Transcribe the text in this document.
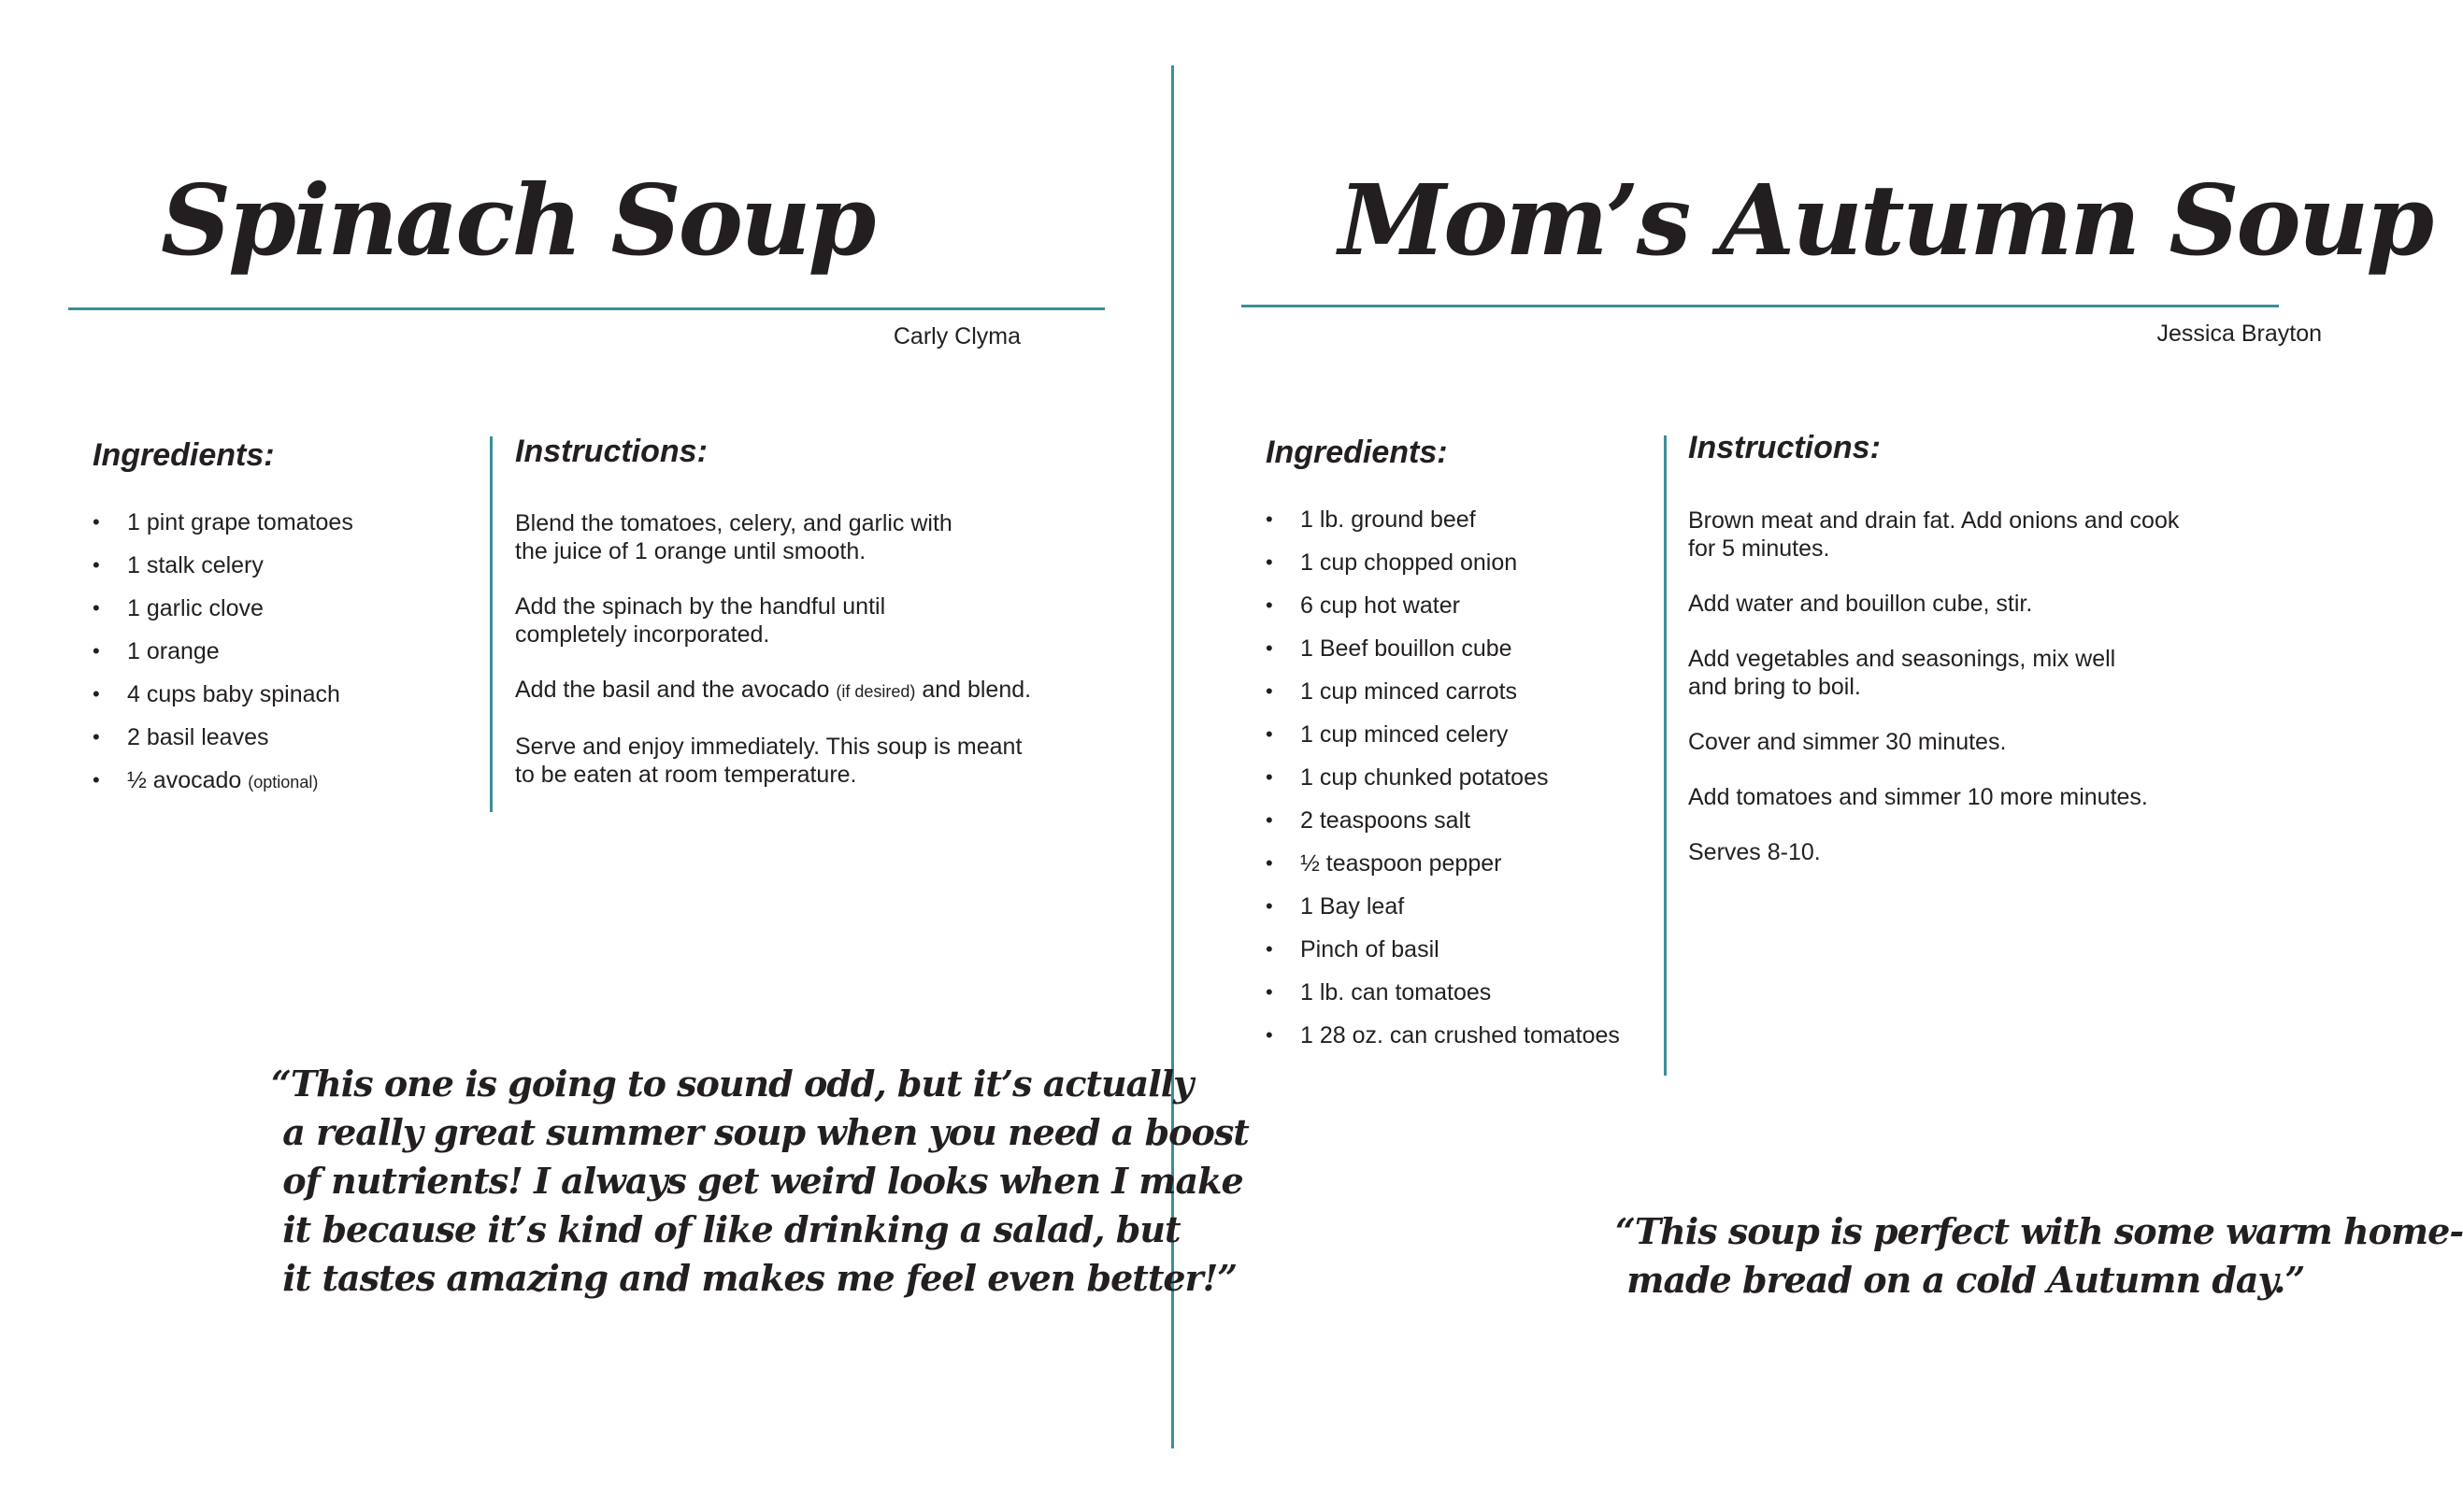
Spinach Soup
Carly Clyma
Ingredients:
• 1 pint grape tomatoes
• 1 stalk celery
• 1 garlic clove
• 1 orange
• 4 cups baby spinach
• 2 basil leaves
• ½ avocado (optional)
Instructions:

Blend the tomatoes, celery, and garlic with
the juice of 1 orange until smooth.

Add the spinach by the handful until
completely incorporated.

Add the basil and the avocado (if desired) and blend.

Serve and enjoy immediately. This soup is meant
to be eaten at room temperature.

“This one is going to sound odd, but it’s actually
a really great summer soup when you need a boost
of nutrients! I always get weird looks when I make
it because it’s kind of like drinking a salad, but
it tastes amazing and makes me feel even better!”

Mom’s Autumn Soup
Jessica Brayton
Ingredients:
• 1 lb. ground beef
• 1 cup chopped onion
• 6 cup hot water
• 1 Beef bouillon cube
• 1 cup minced carrots
• 1 cup minced celery
• 1 cup chunked potatoes
• 2 teaspoons salt
• ½ teaspoon pepper
• 1 Bay leaf
• Pinch of basil
• 1 lb. can tomatoes
• 1 28 oz. can crushed tomatoes
Instructions:

Brown meat and drain fat. Add onions and cook
for 5 minutes.

Add water and bouillon cube, stir.

Add vegetables and seasonings, mix well
and bring to boil.

Cover and simmer 30 minutes.

Add tomatoes and simmer 10 more minutes.

Serves 8-10.

“This soup is perfect with some warm home-
made bread on a cold Autumn day.”
